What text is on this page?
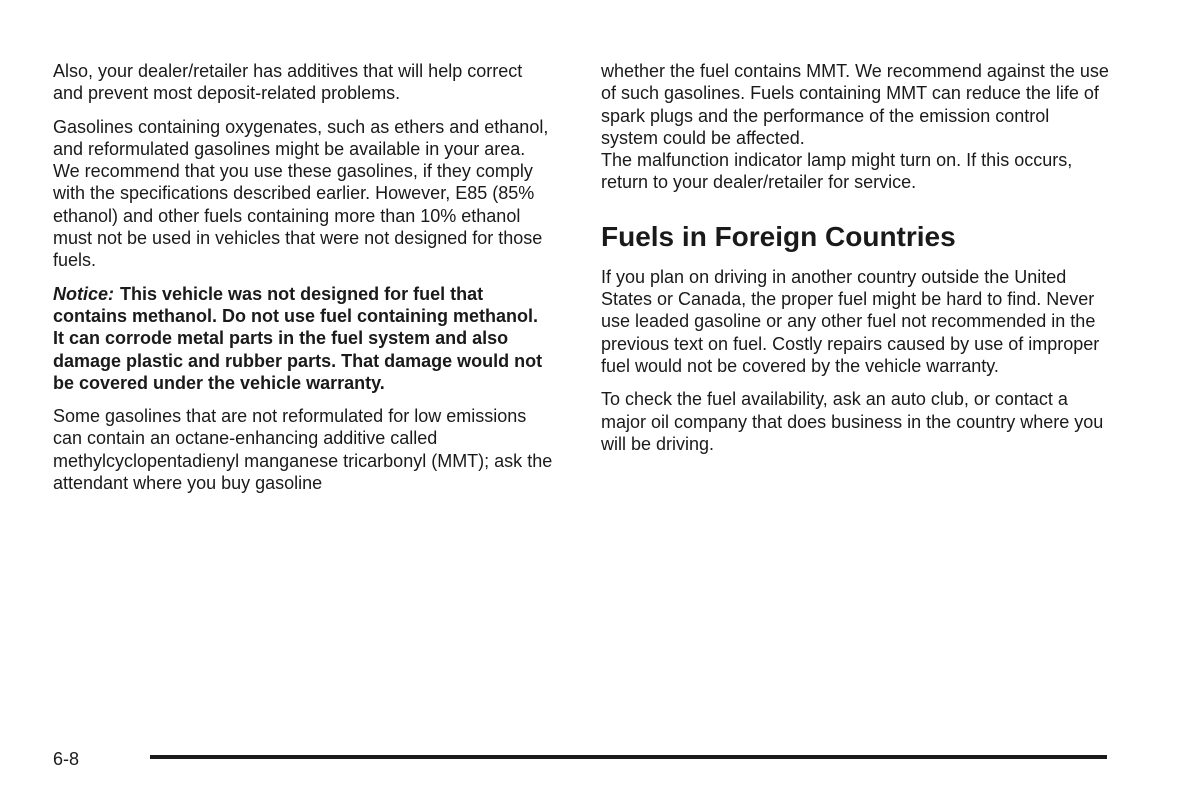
Also, your dealer/retailer has additives that will help correct and prevent most deposit-related problems.

Gasolines containing oxygenates, such as ethers and ethanol, and reformulated gasolines might be available in your area. We recommend that you use these gasolines, if they comply with the specifications described earlier. However, E85 (85% ethanol) and other fuels containing more than 10% ethanol must not be used in vehicles that were not designed for those fuels.

Notice: This vehicle was not designed for fuel that contains methanol. Do not use fuel containing methanol. It can corrode metal parts in the fuel system and also damage plastic and rubber parts. That damage would not be covered under the vehicle warranty.

Some gasolines that are not reformulated for low emissions can contain an octane-enhancing additive called methylcyclopentadienyl manganese tricarbonyl (MMT); ask the attendant where you buy gasoline

whether the fuel contains MMT. We recommend against the use of such gasolines. Fuels containing MMT can reduce the life of spark plugs and the performance of the emission control system could be affected.

The malfunction indicator lamp might turn on. If this occurs, return to your dealer/retailer for service.

Fuels in Foreign Countries

If you plan on driving in another country outside the United States or Canada, the proper fuel might be hard to find. Never use leaded gasoline or any other fuel not recommended in the previous text on fuel. Costly repairs caused by use of improper fuel would not be covered by the vehicle warranty.

To check the fuel availability, ask an auto club, or contact a major oil company that does business in the country where you will be driving.

6-8
